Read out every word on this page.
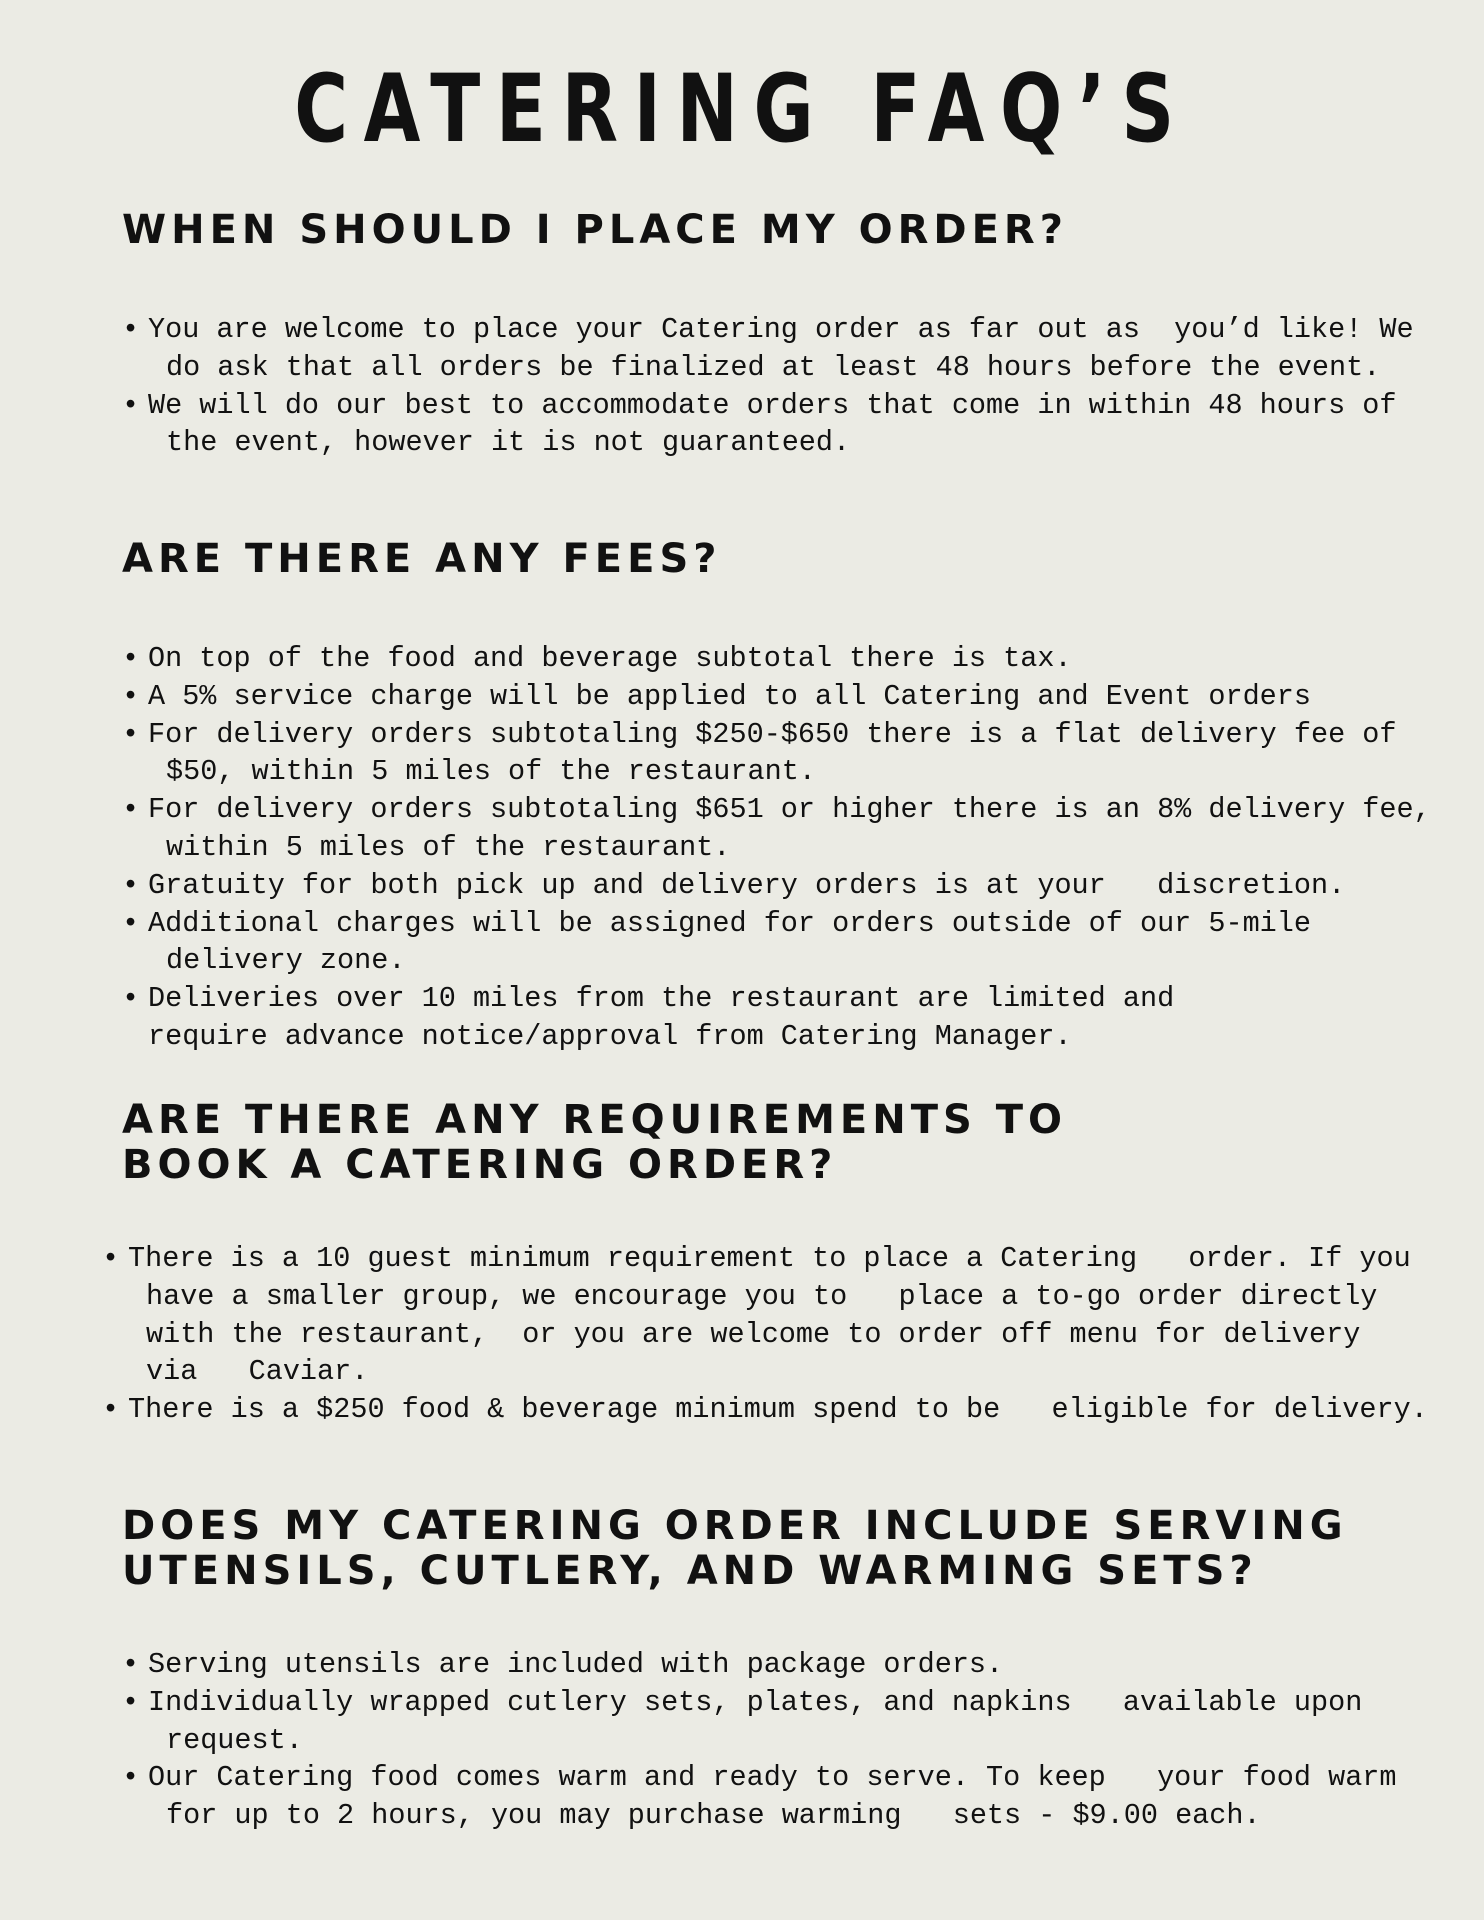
CATERING FAQ’S
WHEN SHOULD I PLACE MY ORDER?
• You are welcome to place your Catering order as far out as  you’d like! We do ask that all orders be finalized at least 48 hours before the event.
• We will do our best to accommodate orders that come in within 48 hours of the event, however it is not guaranteed.
ARE THERE ANY FEES?
• On top of the food and beverage subtotal there is tax.
• A 5% service charge will be applied to all Catering and Event orders
• For delivery orders subtotaling $250-$650 there is a flat delivery fee of $50, within 5 miles of the restaurant.
• For delivery orders subtotaling $651 or higher there is an 8% delivery fee, within 5 miles of the restaurant.
• Gratuity for both pick up and delivery orders is at your   discretion.
• Additional charges will be assigned for orders outside of our 5-mile delivery zone.
• Deliveries over 10 miles from the restaurant are limited and require advance notice/approval from Catering Manager.
ARE THERE ANY REQUIREMENTS TO BOOK A CATERING ORDER?
• There is a 10 guest minimum requirement to place a Catering   order. If you have a smaller group, we encourage you to   place a to-go order directly with the restaurant,  or you are welcome to order off menu for delivery via   Caviar.
• There is a $250 food & beverage minimum spend to be   eligible for delivery.
DOES MY CATERING ORDER INCLUDE SERVING UTENSILS, CUTLERY, AND WARMING SETS?
• Serving utensils are included with package orders.
• Individually wrapped cutlery sets, plates, and napkins   available upon request.
• Our Catering food comes warm and ready to serve. To keep   your food warm for up to 2 hours, you may purchase warming   sets - $9.00 each.
